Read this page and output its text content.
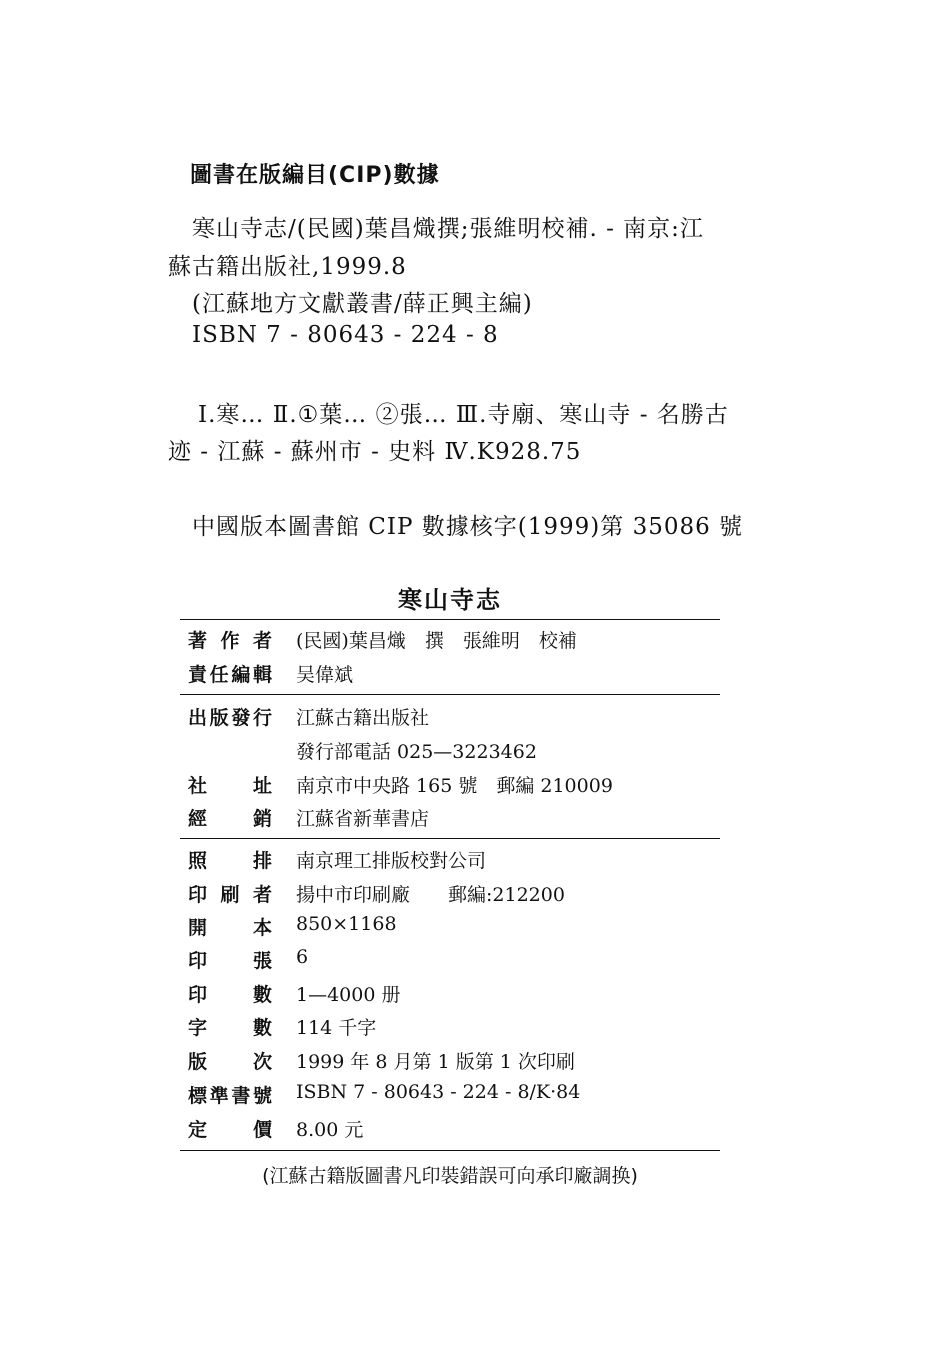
圖書在版編目(CIP)數據
寒山寺志/(民國)葉昌熾撰;張維明校補. - 南京:江
蘇古籍出版社,1999.8
(江蘇地方文獻叢書/薛正興主編)
ISBN 7 - 80643 - 224 - 8
Ⅰ.寒… Ⅱ.①葉… ②張… Ⅲ.寺廟、寒山寺 - 名勝古
迹 - 江蘇 - 蘇州市 - 史料 Ⅳ.K928.75
中國版本圖書館 CIP 數據核字(1999)第 35086 號
寒山寺志
著 作 者 (民國)葉昌熾　撰　張維明　校補
責 任 編 輯 吴偉斌
出 版 發 行 江蘇古籍出版社
發行部電話 025—3223462
社 址 南京市中央路 165 號　郵編 210009
經 銷 江蘇省新華書店
照 排 南京理工排版校對公司
印 刷 者 揚中市印刷廠　　郵編:212200
開 本 850×1168
印 張 6
印 數 1—4000 册
字 數 114 千字
版 次 1999 年 8 月第 1 版第 1 次印刷
標 準 書 號 ISBN 7 - 80643 - 224 - 8/K·84
定 價 8.00 元
(江蘇古籍版圖書凡印裝錯誤可向承印廠調换)
